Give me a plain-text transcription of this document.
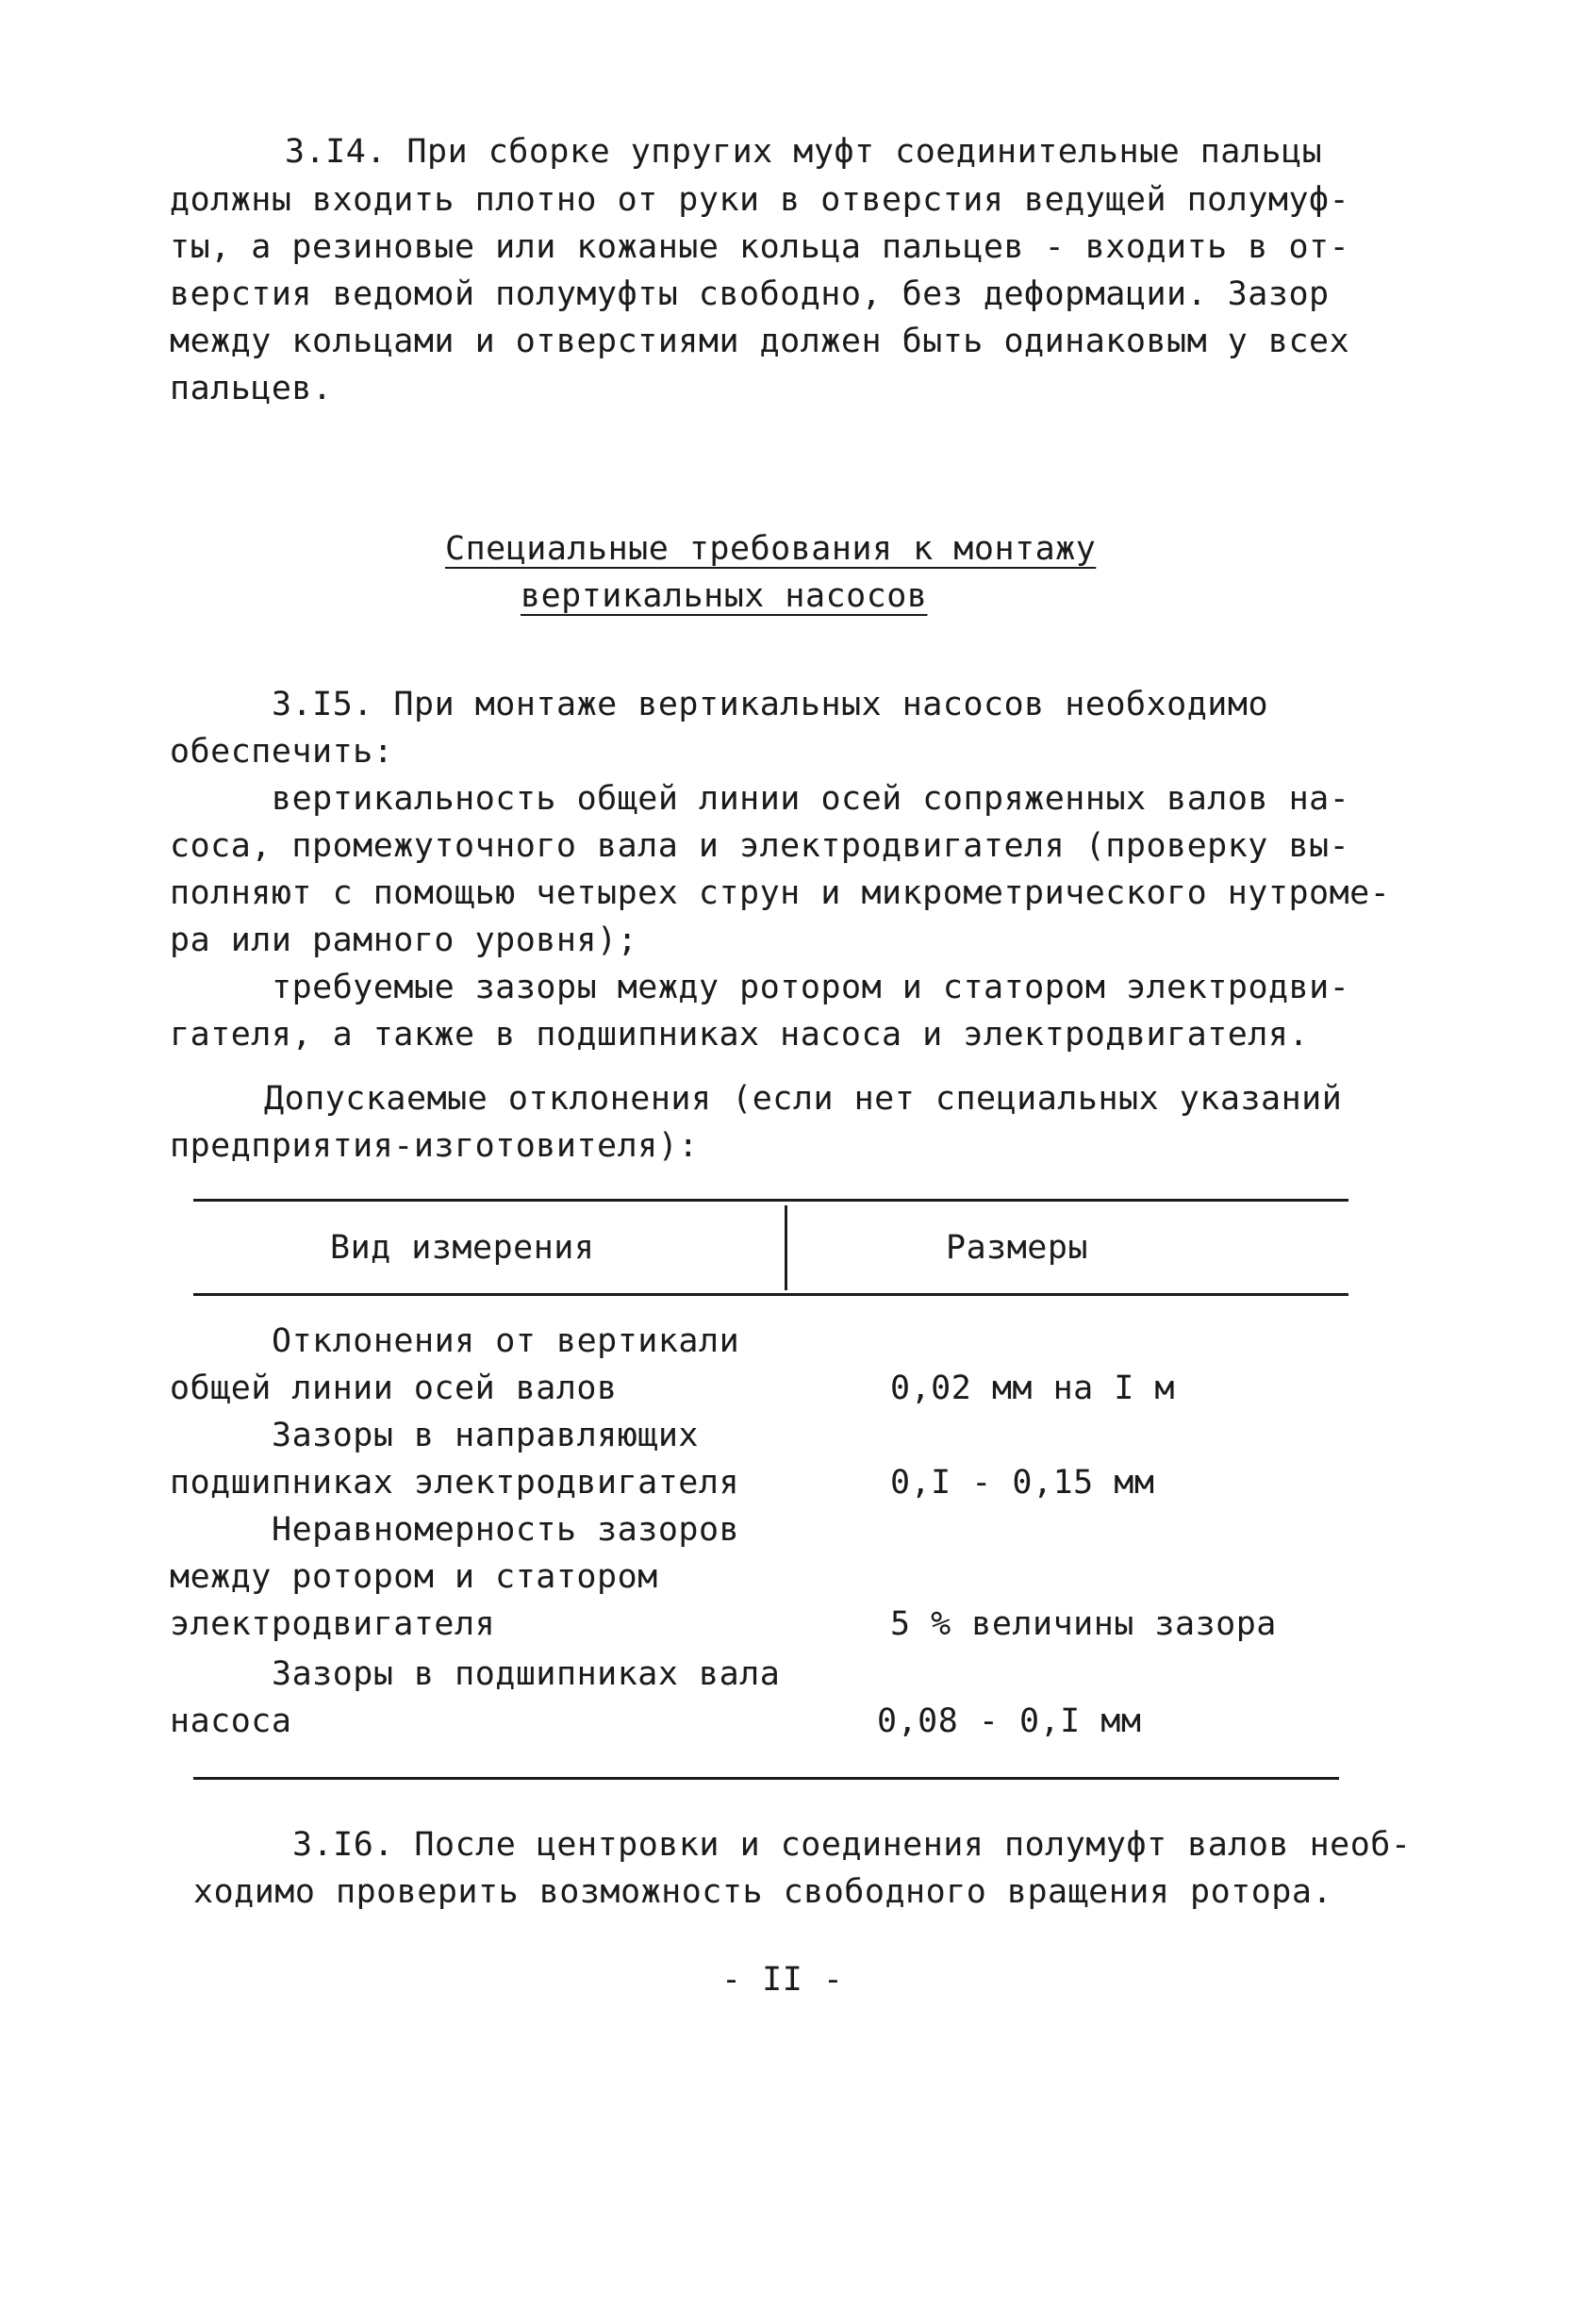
3.I4. При сборке упругих муфт соединительные пальцы
должны входить плотно от руки в отверстия ведущей полумуф-
ты, а резиновые или кожаные кольца пальцев - входить в от-
верстия ведомой полумуфты свободно, без деформации. Зазор
между кольцами и отверстиями должен быть одинаковым у всех
пальцев.
Специальные требования к монтажу
вертикальных насосов
3.I5. При монтаже вертикальных насосов необходимо
обеспечить:
вертикальность общей линии осей сопряженных валов на-
соса, промежуточного вала и электродвигателя (проверку вы-
полняют с помощью четырех струн и микрометрического нутроме-
ра или рамного уровня);
требуемые зазоры между ротором и статором электродви-
гателя, а также в подшипниках насоса и электродвигателя.
Допускаемые отклонения (если нет специальных указаний
предприятия-изготовителя):
Вид измерения	Размеры
Отклонения от вертикали
общей линии осей валов	0,02 мм на I м
Зазоры в направляющих
подшипниках электродвигателя	0,I - 0,15 мм
Неравномерность зазоров
между ротором и статором
электродвигателя	5 % величины зазора
Зазоры в подшипниках вала
насоса	0,08 - 0,I мм
3.I6. После центровки и соединения полумуфт валов необ-
ходимо проверить возможность свободного вращения ротора.
- II -
